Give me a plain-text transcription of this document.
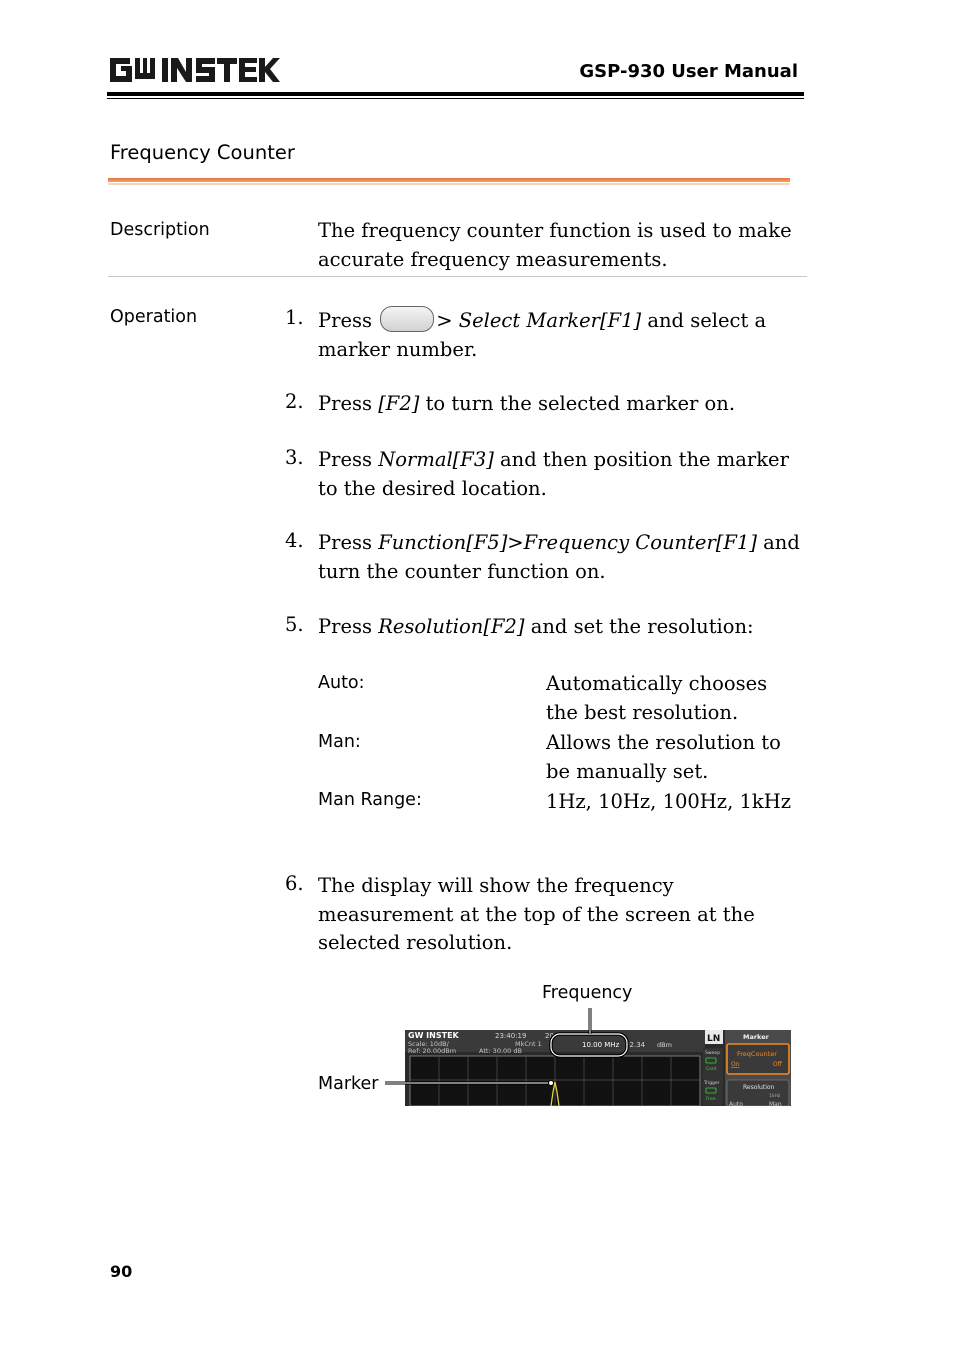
GSP-930 User Manual
Frequency Counter
Description	The frequency counter function is used to make accurate frequency measurements.
Operation	1. Press	> Select Marker[F1] and select a
marker number.
2. Press [F2] to turn the selected marker on.
3. Press Normal[F3] and then position the marker
to the desired location.
4. Press Function[F5]>Frequency Counter[F1] and
turn the counter function on.
5. Press Resolution[F2] and set the resolution:
Auto:	Automatically chooses
the best resolution.
Man:	Allows the resolution to
be manually set.
Man Range:	1Hz, 10Hz, 100Hz, 1kHz
6. The display will show the frequency
measurement at the top of the screen at the
selected resolution.
GW INSTEK	23:40:19	20
Scale: 10dB/
Ref: 20.00dBm	Att: 30.00 dB
MkCnt 1	10.00 MHz -2.34 dBm
Sweep
Cont
Trigger
Free
LN	Marker
FreqCounter
On	Off
Resolution
1kHz
Auto	Man
Frequency
Marker
90
